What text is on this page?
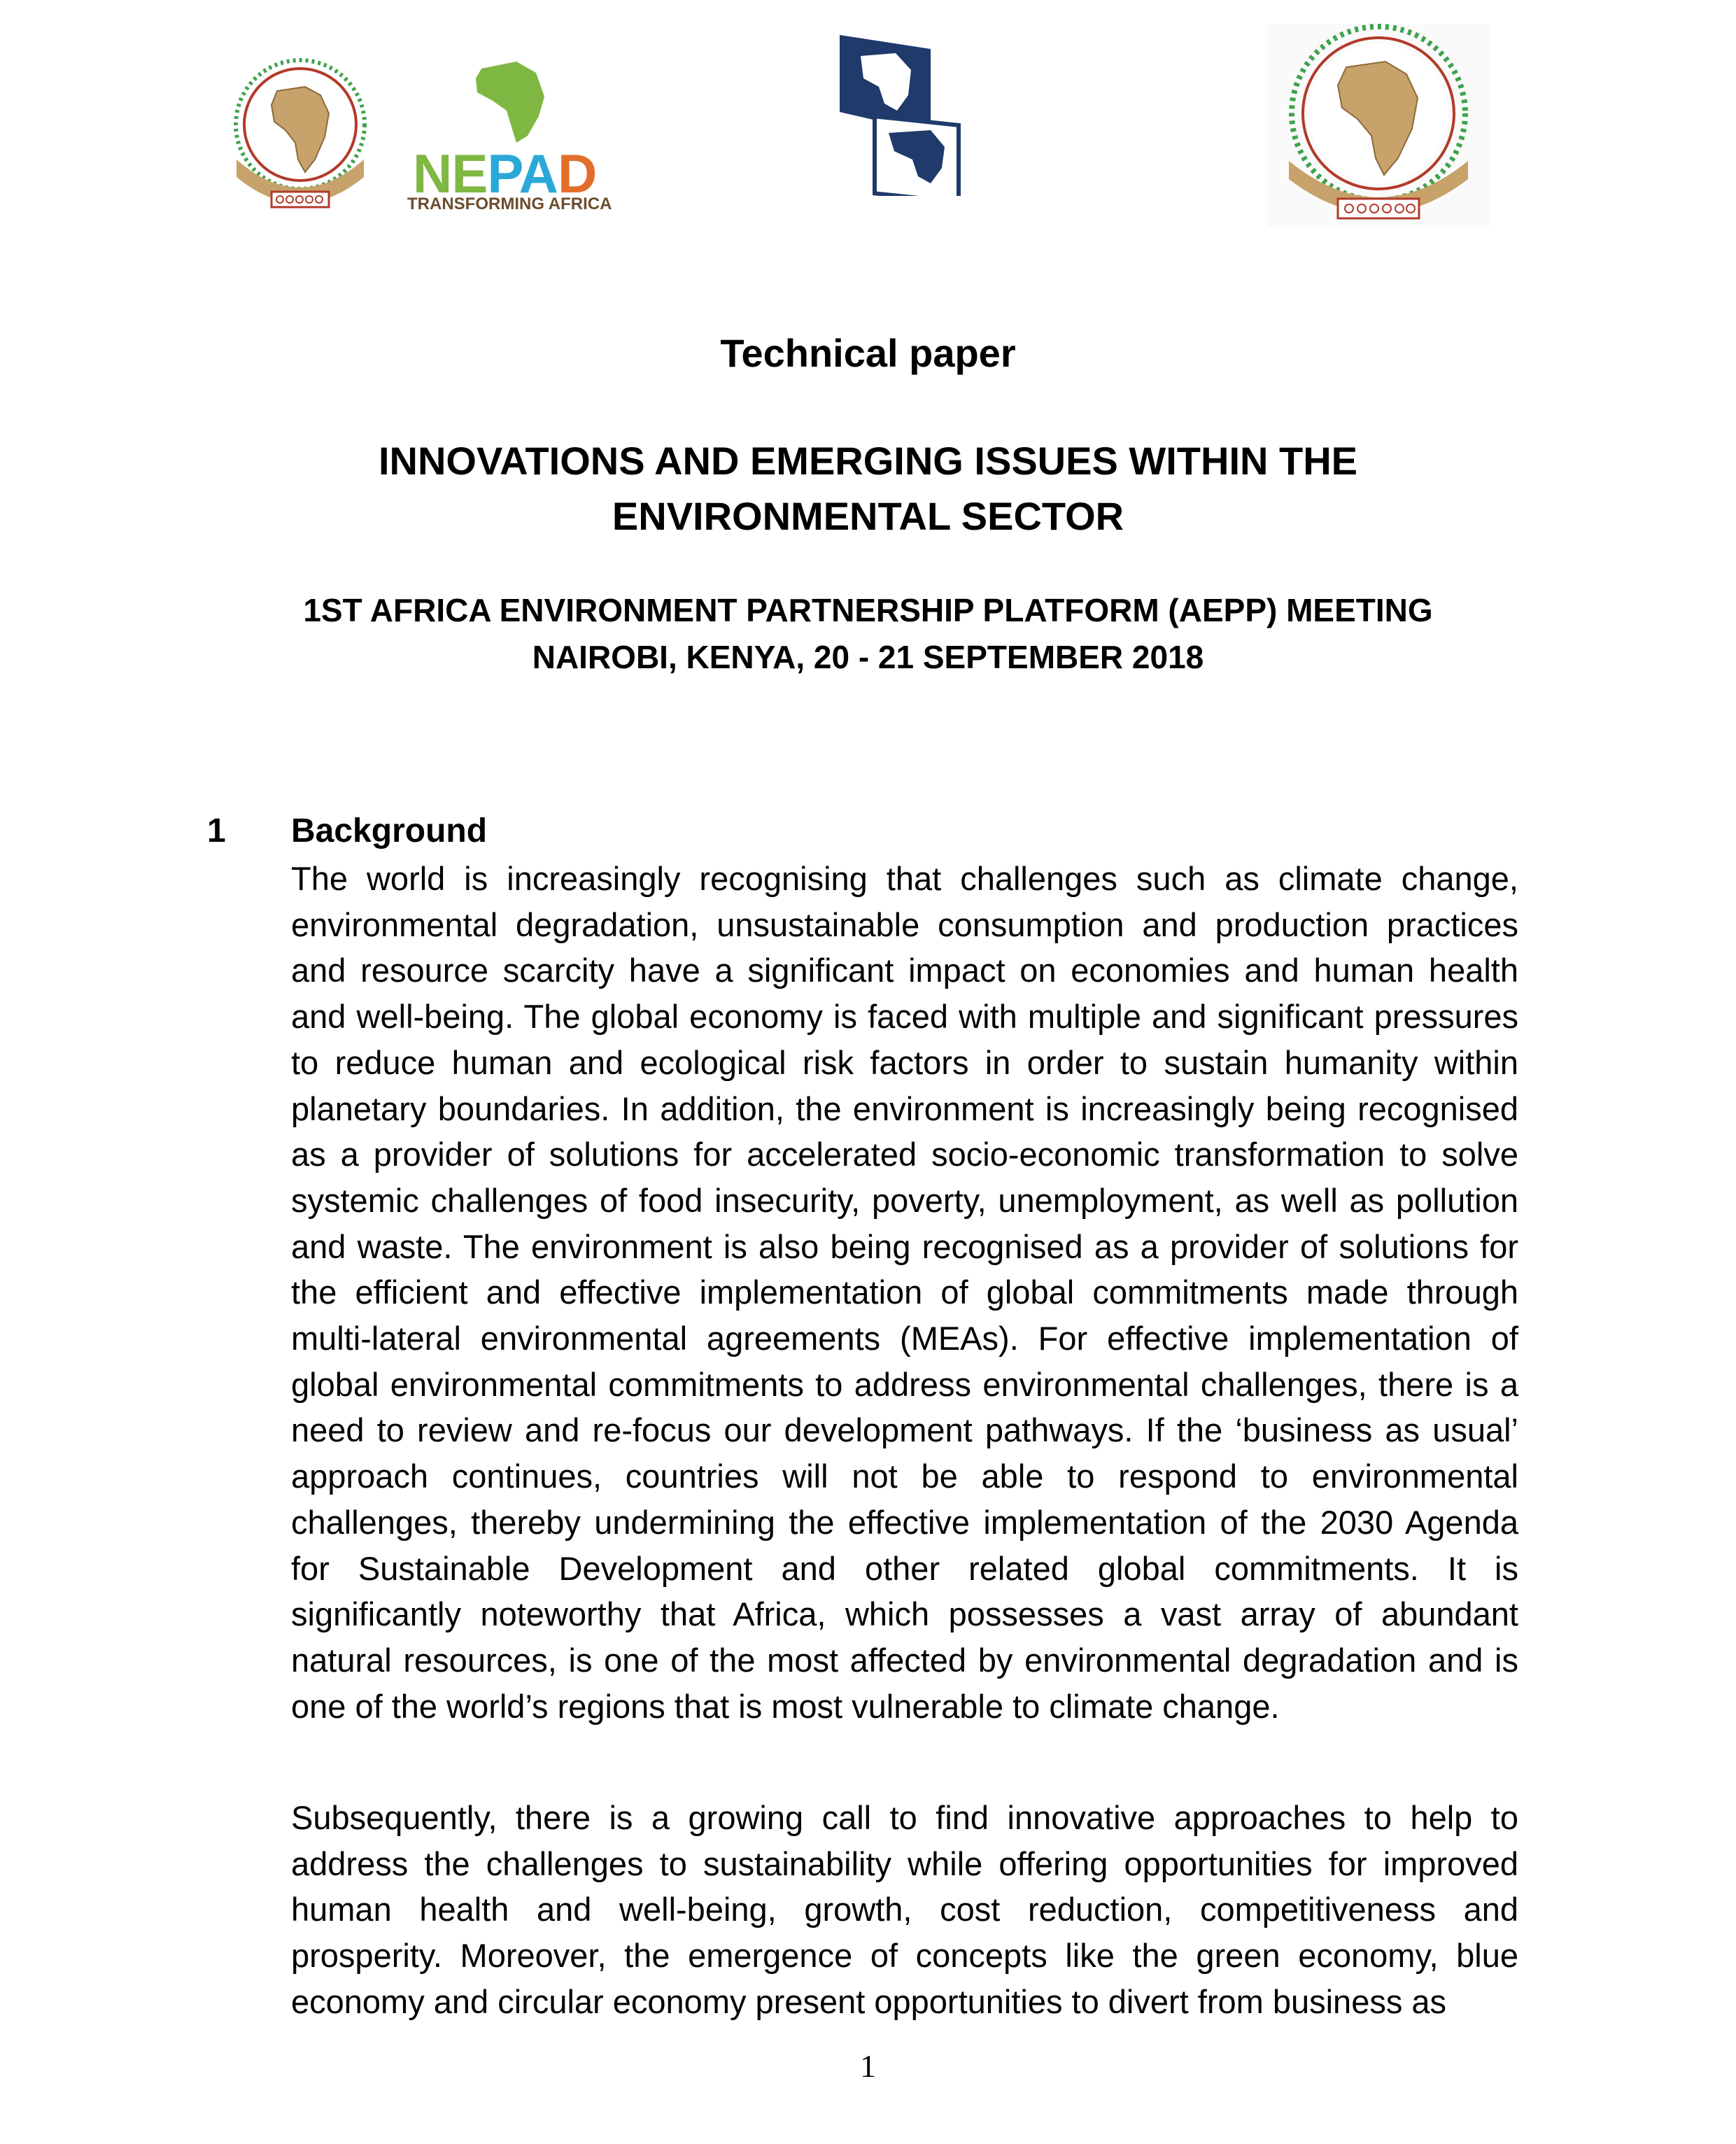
NEPAD
TRANSFORMING AFRICA
Technical paper
INNOVATIONS AND EMERGING ISSUES WITHIN THE
ENVIRONMENTAL SECTOR
1ST AFRICA ENVIRONMENT PARTNERSHIP PLATFORM (AEPP) MEETING
NAIROBI, KENYA, 20 - 21 SEPTEMBER 2018
1 Background

The world is increasingly recognising that challenges such as climate change, environmental degradation, unsustainable consumption and production practices and resource scarcity have a significant impact on economies and human health and well-being. The global economy is faced with multiple and significant pressures to reduce human and ecological risk factors in order to sustain humanity within planetary boundaries. In addition, the environment is increasingly being recognised as a provider of solutions for accelerated socio-economic transformation to solve systemic challenges of food insecurity, poverty, unemployment, as well as pollution and waste. The environment is also being recognised as a provider of solutions for the efficient and effective implementation of global commitments made through multi-lateral environmental agreements (MEAs). For effective implementation of global environmental commitments to address environmental challenges, there is a need to review and re-focus our development pathways. If the ‘business as usual’ approach continues, countries will not be able to respond to environmental challenges, thereby undermining the effective implementation of the 2030 Agenda for Sustainable Development and other related global commitments. It is significantly noteworthy that Africa, which possesses a vast array of abundant natural resources, is one of the most affected by environmental degradation and is one of the world’s regions that is most vulnerable to climate change.

Subsequently, there is a growing call to find innovative approaches to help to address the challenges to sustainability while offering opportunities for improved human health and well-being, growth, cost reduction, competitiveness and prosperity. Moreover, the emergence of concepts like the green economy, blue economy and circular economy present opportunities to divert from business as

1
